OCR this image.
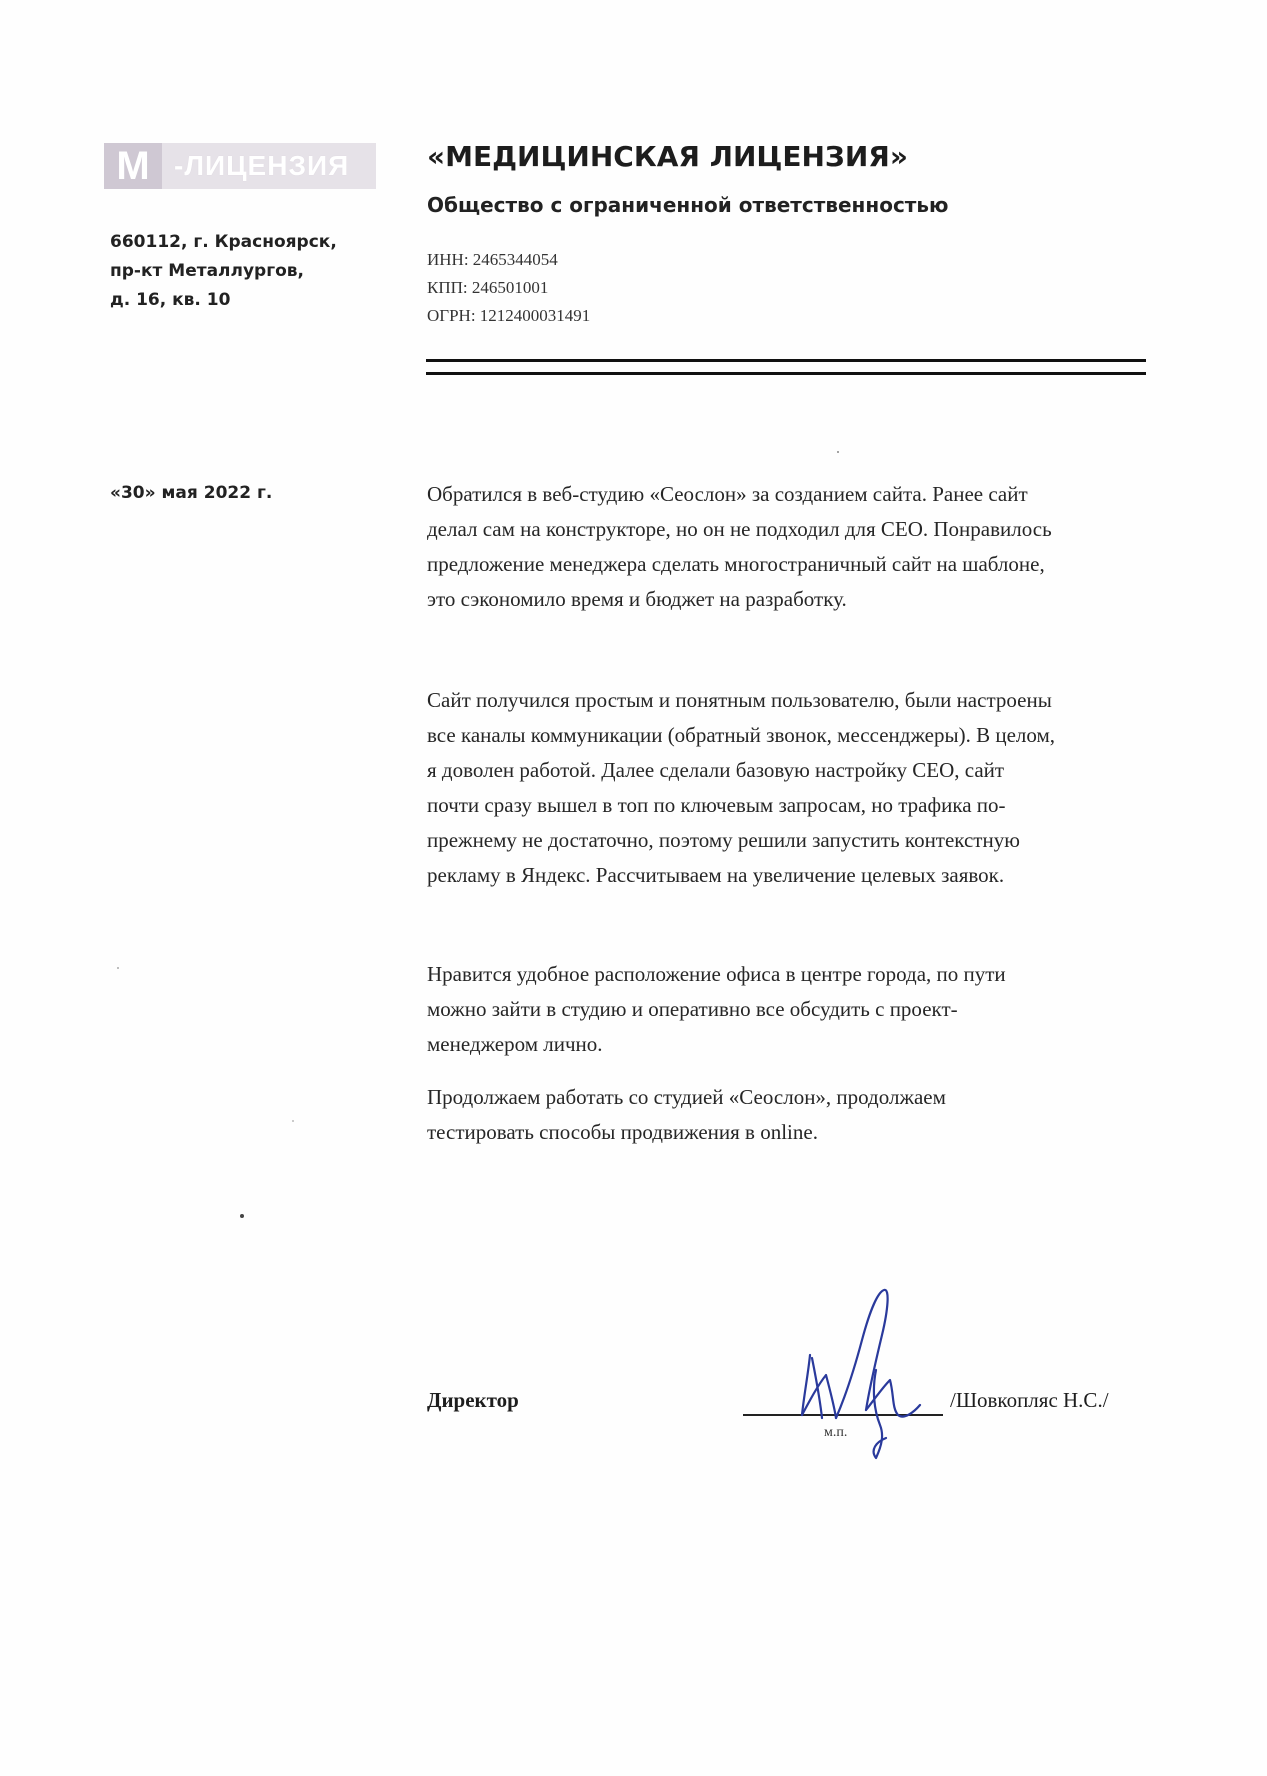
М -ЛИЦЕНЗИЯ
660112, г. Красноярск,
пр-кт Металлургов,
д. 16, кв. 10
«МЕДИЦИНСКАЯ ЛИЦЕНЗИЯ»
Общество с ограниченной ответственностью
ИНН: 2465344054
КПП: 246501001
ОГРН: 1212400031491
«30» мая 2022 г.	Обратился в веб-студию «Сеослон» за созданием сайта. Ранее сайт
делал сам на конструкторе, но он не подходил для СЕО. Понравилось
предложение менеджера сделать многостраничный сайт на шаблоне,
это сэкономило время и бюджет на разработку.
Сайт получился простым и понятным пользователю, были настроены
все каналы коммуникации (обратный звонок, мессенджеры). В целом,
я доволен работой. Далее сделали базовую настройку СЕО, сайт
почти сразу вышел в топ по ключевым запросам, но трафика по-
прежнему не достаточно, поэтому решили запустить контекстную
рекламу в Яндекс. Рассчитываем на увеличение целевых заявок.
Нравится удобное расположение офиса в центре города, по пути
можно зайти в студию и оперативно все обсудить с проект-
менеджером лично.
Продолжаем работать со студией «Сеослон», продолжаем
тестировать способы продвижения в online.
Директор	/Шовкопляс Н.С./
м.п.
